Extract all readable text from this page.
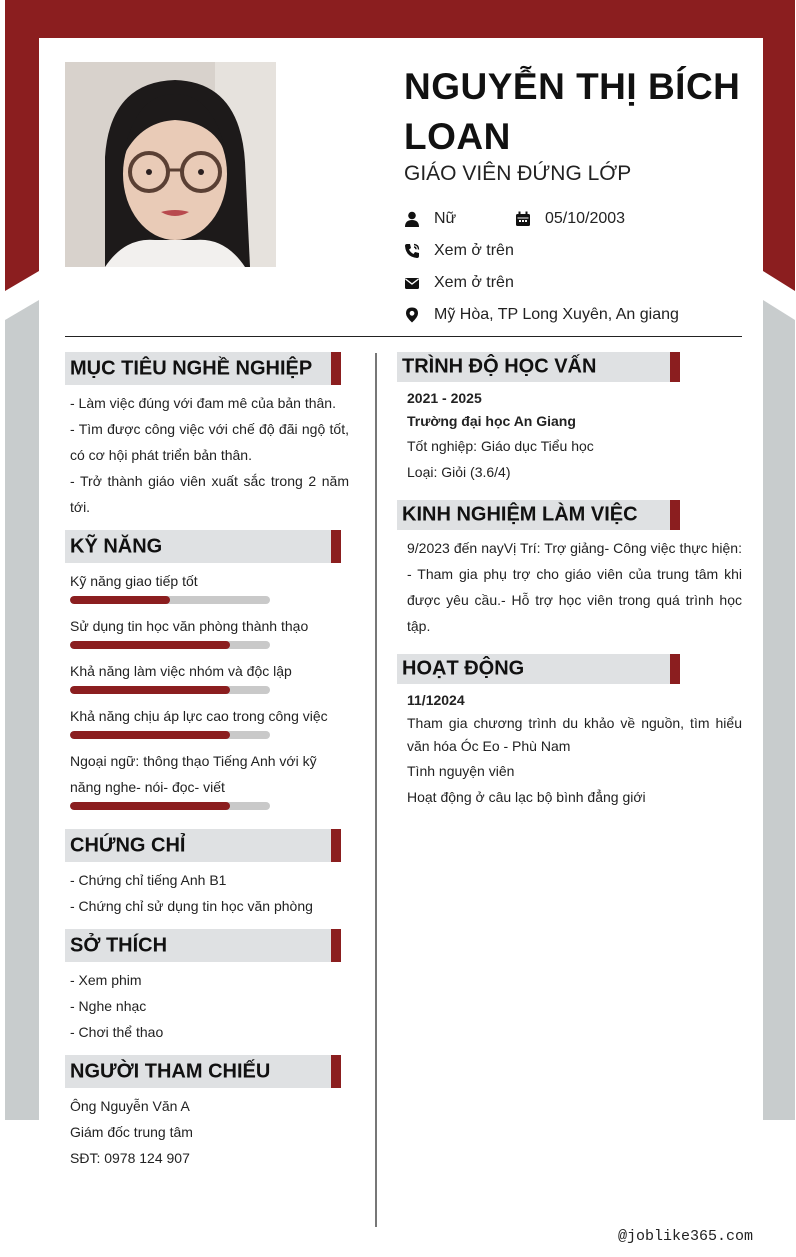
NGUYỄN THỊ BÍCH LOAN
GIÁO VIÊN ĐỨNG LỚP
Nữ	05/10/2003
Xem ở trên
Xem ở trên
Mỹ Hòa, TP Long Xuyên, An giang
MỤC TIÊU NGHỀ NGHIỆP
- Làm việc đúng với đam mê của bản thân.
- Tìm được công việc với chế độ đãi ngộ tốt, có cơ hội phát triển bản thân.
- Trở thành giáo viên xuất sắc trong 2 năm tới.
KỸ NĂNG
Kỹ năng giao tiếp tốt
Sử dụng tin học văn phòng thành thạo
Khả năng làm việc nhóm và độc lập
Khả năng chịu áp lực cao trong công việc
Ngoại ngữ: thông thạo Tiếng Anh với kỹ năng nghe- nói- đọc- viết
CHỨNG CHỈ
- Chứng chỉ tiếng Anh B1
- Chứng chỉ sử dụng tin học văn phòng
SỞ THÍCH
- Xem phim
- Nghe nhạc
- Chơi thể thao
NGƯỜI THAM CHIẾU
Ông Nguyễn Văn A
Giám đốc trung tâm
SĐT: 0978 124 907
TRÌNH ĐỘ HỌC VẤN
2021 - 2025
Trường đại học An Giang
Tốt nghiệp: Giáo dục Tiểu học
Loại: Giỏi (3.6/4)
KINH NGHIỆM LÀM VIỆC
9/2023 đến nayVị Trí: Trợ giảng- Công việc thực hiện: - Tham gia phụ trợ cho giáo viên của trung tâm khi được yêu cầu.- Hỗ trợ học viên trong quá trình học tập.
HOẠT ĐỘNG
11/12024
Tham gia chương trình du khảo về nguồn, tìm hiểu văn hóa Óc Eo - Phù Nam
Tình nguyện viên
Hoạt động ở câu lạc bộ bình đẳng giới
@joblike365.com
